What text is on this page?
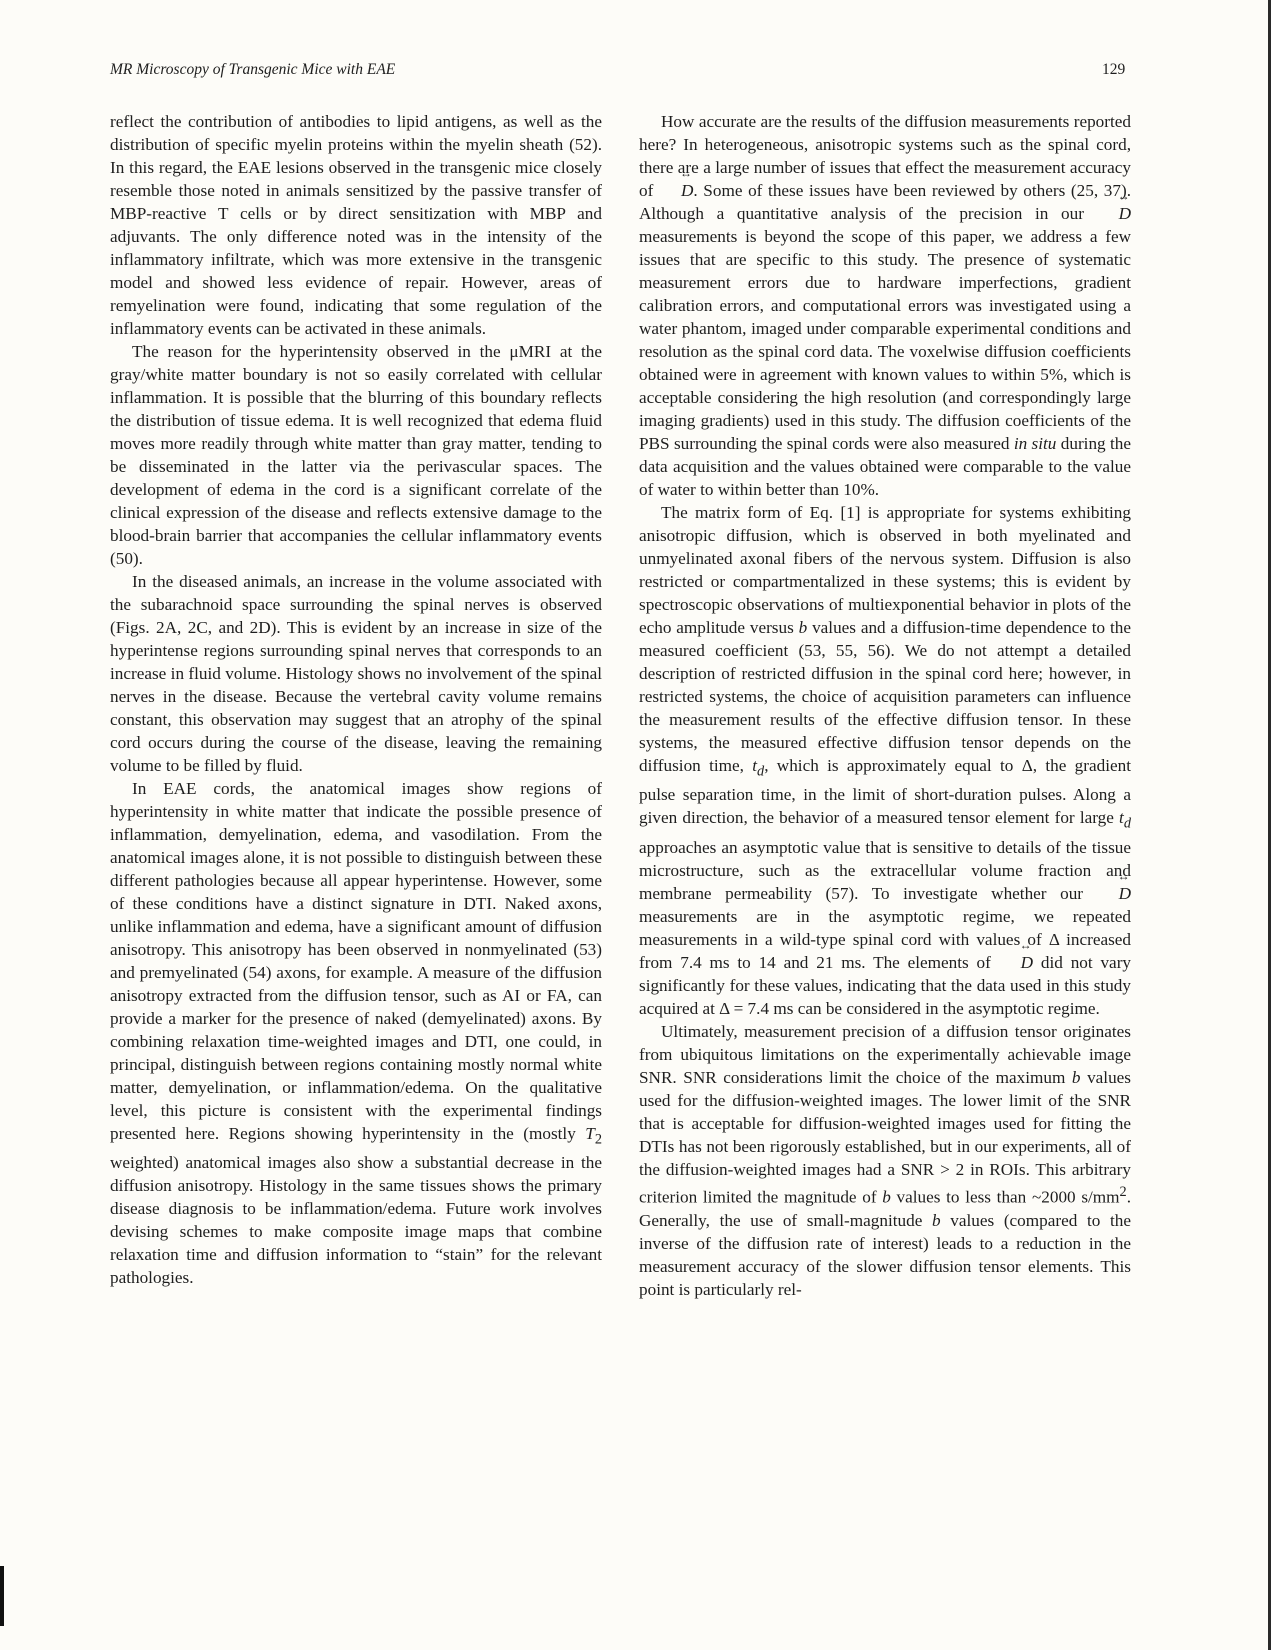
MR Microscopy of Transgenic Mice with EAE	129

reflect the contribution of antibodies to lipid antigens, as well as the distribution of specific myelin proteins within the myelin sheath (52). In this regard, the EAE lesions observed in the transgenic mice closely resemble those noted in animals sensitized by the passive transfer of MBP-reactive T cells or by direct sensitization with MBP and adjuvants. The only difference noted was in the intensity of the inflammatory infiltrate, which was more extensive in the transgenic model and showed less evidence of repair. However, areas of remyelination were found, indicating that some regulation of the inflammatory events can be activated in these animals.

The reason for the hyperintensity observed in the μMRI at the gray/white matter boundary is not so easily correlated with cellular inflammation. It is possible that the blurring of this boundary reflects the distribution of tissue edema. It is well recognized that edema fluid moves more readily through white matter than gray matter, tending to be disseminated in the latter via the perivascular spaces. The development of edema in the cord is a significant correlate of the clinical expression of the disease and reflects extensive damage to the blood-brain barrier that accompanies the cellular inflammatory events (50).

In the diseased animals, an increase in the volume associated with the subarachnoid space surrounding the spinal nerves is observed (Figs. 2A, 2C, and 2D). This is evident by an increase in size of the hyperintense regions surrounding spinal nerves that corresponds to an increase in fluid volume. Histology shows no involvement of the spinal nerves in the disease. Because the vertebral cavity volume remains constant, this observation may suggest that an atrophy of the spinal cord occurs during the course of the disease, leaving the remaining volume to be filled by fluid.

In EAE cords, the anatomical images show regions of hyperintensity in white matter that indicate the possible presence of inflammation, demyelination, edema, and vasodilation. From the anatomical images alone, it is not possible to distinguish between these different pathologies because all appear hyperintense. However, some of these conditions have a distinct signature in DTI. Naked axons, unlike inflammation and edema, have a significant amount of diffusion anisotropy. This anisotropy has been observed in nonmyelinated (53) and premyelinated (54) axons, for example. A measure of the diffusion anisotropy extracted from the diffusion tensor, such as AI or FA, can provide a marker for the presence of naked (demyelinated) axons. By combining relaxation time-weighted images and DTI, one could, in principal, distinguish between regions containing mostly normal white matter, demyelination, or inflammation/edema. On the qualitative level, this picture is consistent with the experimental findings presented here. Regions showing hyperintensity in the (mostly $T_2$ weighted) anatomical images also show a substantial decrease in the diffusion anisotropy. Histology in the same tissues shows the primary disease diagnosis to be inflammation/edema. Future work involves devising schemes to make composite image maps that combine relaxation time and diffusion information to “stain” for the relevant pathologies.

How accurate are the results of the diffusion measurements reported here? In heterogeneous, anisotropic systems such as the spinal cord, there are a large number of issues that effect the measurement accuracy of ↔ D. Some of these issues have been reviewed by others (25, 37). Although a quantitative analysis of the precision in our ↔ D measurements is beyond the scope of this paper, we address a few issues that are specific to this study. The presence of systematic measurement errors due to hardware imperfections, gradient calibration errors, and computational errors was investigated using a water phantom, imaged under comparable experimental conditions and resolution as the spinal cord data. The voxelwise diffusion coefficients obtained were in agreement with known values to within 5%, which is acceptable considering the high resolution (and correspondingly large imaging gradients) used in this study. The diffusion coefficients of the PBS surrounding the spinal cords were also measured in situ during the data acquisition and the values obtained were comparable to the value of water to within better than 10%.

The matrix form of Eq. [1] is appropriate for systems exhibiting anisotropic diffusion, which is observed in both myelinated and unmyelinated axonal fibers of the nervous system. Diffusion is also restricted or compartmentalized in these systems; this is evident by spectroscopic observations of multiexponential behavior in plots of the echo amplitude versus b values and a diffusion-time dependence to the measured coefficient (53, 55, 56). We do not attempt a detailed description of restricted diffusion in the spinal cord here; however, in restricted systems, the choice of acquisition parameters can influence the measurement results of the effective diffusion tensor. In these systems, the measured effective diffusion tensor depends on the diffusion time, $t_d$, which is approximately equal to Δ, the gradient pulse separation time, in the limit of short-duration pulses. Along a given direction, the behavior of a measured tensor element for large $t_d$ approaches an asymptotic value that is sensitive to details of the tissue microstructure, such as the extracellular volume fraction and membrane permeability (57). To investigate whether our ↔ D measurements are in the asymptotic regime, we repeated measurements in a wild-type spinal cord with values of Δ increased from 7.4 ms to 14 and 21 ms. The elements of ↔ D did not vary significantly for these values, indicating that the data used in this study acquired at Δ = 7.4 ms can be considered in the asymptotic regime.

Ultimately, measurement precision of a diffusion tensor originates from ubiquitous limitations on the experimentally achievable image SNR. SNR considerations limit the choice of the maximum b values used for the diffusion-weighted images. The lower limit of the SNR that is acceptable for diffusion-weighted images used for fitting the DTIs has not been rigorously established, but in our experiments, all of the diffusion-weighted images had a SNR > 2 in ROIs. This arbitrary criterion limited the magnitude of b values to less than ~2000 $s/mm^2$. Generally, the use of small-magnitude b values (compared to the inverse of the diffusion rate of interest) leads to a reduction in the measurement accuracy of the slower diffusion tensor elements. This point is particularly rel-
